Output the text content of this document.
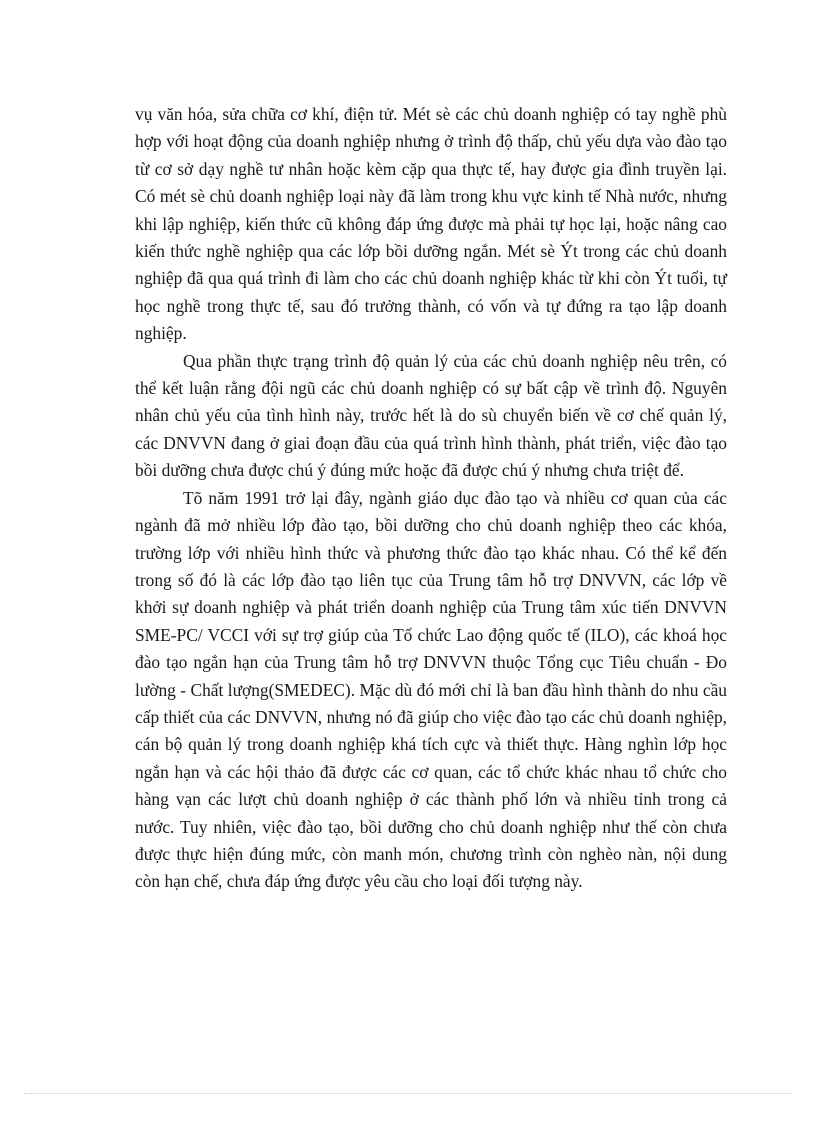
vụ văn hóa, sửa chữa cơ khí, điện tử. Mét sè các chủ doanh nghiệp có tay nghề phù hợp với hoạt động của doanh nghiệp nhưng ở trình độ thấp, chủ yếu dựa vào đào tạo từ cơ sở dạy nghề tư nhân hoặc kèm cặp qua thực tế, hay được gia đình truyền lại. Có mét sè chủ doanh nghiệp loại này đã làm trong khu vực kinh tế Nhà nước, nhưng khi lập nghiệp, kiến thức cũ không đáp ứng được mà phải tự học lại, hoặc nâng cao kiến thức nghề nghiệp qua các lớp bồi dưỡng ngắn. Mét sè Ýt trong các chủ doanh nghiệp đã qua quá trình đi làm cho các chủ doanh nghiệp khác từ khi còn Ýt tuổi, tự học nghề trong thực tế, sau đó trưởng thành, có vốn và tự đứng ra tạo lập doanh nghiệp.

Qua phần thực trạng trình độ quản lý của các chủ doanh nghiệp nêu trên, có thể kết luận rằng đội ngũ các chủ doanh nghiệp có sự bất cập về trình độ. Nguyên nhân chủ yếu của tình hình này, trước hết là do sù chuyển biến về cơ chế quản lý, các DNVVN đang ở giai đoạn đầu của quá trình hình thành, phát triển, việc đào tạo bồi dưỡng chưa được chú ý đúng mức hoặc đã được chú ý nhưng chưa triệt để.

Tõ năm 1991 trở lại đây, ngành giáo dục đào tạo và nhiều cơ quan của các ngành đã mở nhiều lớp đào tạo, bồi dưỡng cho chủ doanh nghiệp theo các khóa, trường lớp với nhiều hình thức và phương thức đào tạo khác nhau. Có thể kể đến trong số đó là các lớp đào tạo liên tục của Trung tâm hỗ trợ DNVVN, các lớp về khởi sự doanh nghiệp và phát triển doanh nghiệp của Trung tâm xúc tiến DNVVN SME-PC/ VCCI với sự trợ giúp của Tổ chức Lao động quốc tế (ILO), các khoá học đào tạo ngắn hạn của Trung tâm hỗ trợ DNVVN thuộc Tổng cục Tiêu chuẩn - Đo lường - Chất lượng(SMEDEC). Mặc dù đó mới chỉ là ban đầu hình thành do nhu cầu cấp thiết của các DNVVN, nhưng nó đã giúp cho việc đào tạo các chủ doanh nghiệp, cán bộ quản lý trong doanh nghiệp khá tích cực và thiết thực. Hàng nghìn lớp học ngắn hạn và các hội thảo đã được các cơ quan, các tổ chức khác nhau tổ chức cho hàng vạn các lượt chủ doanh nghiệp ở các thành phố lớn và nhiều tỉnh trong cả nước. Tuy nhiên, việc đào tạo, bồi dưỡng cho chủ doanh nghiệp như thế còn chưa được thực hiện đúng mức, còn manh món, chương trình còn nghèo nàn, nội dung còn hạn chế, chưa đáp ứng được yêu cầu cho loại đối tượng này.
